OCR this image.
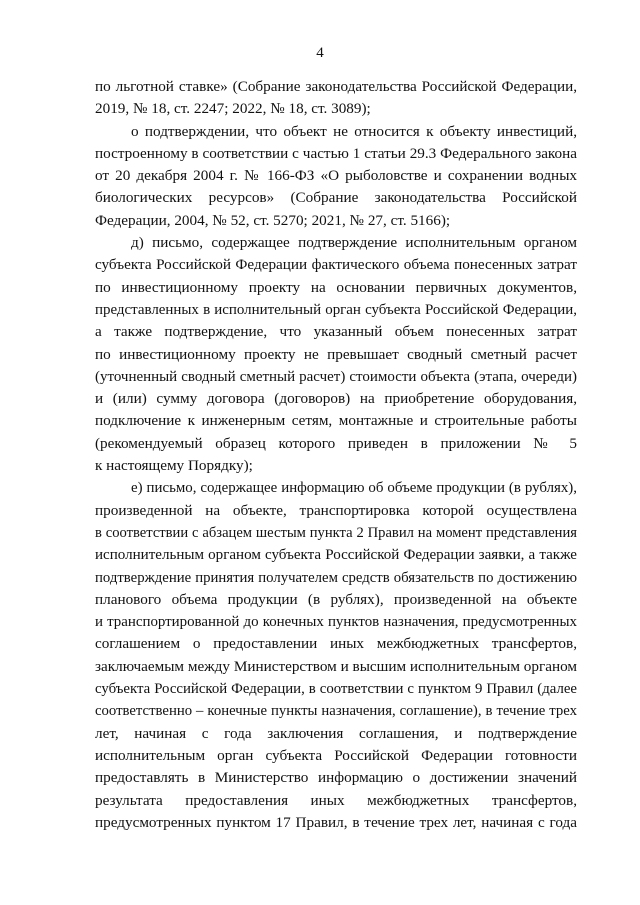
4
по льготной ставке» (Собрание законодательства Российской Федерации,
2019, № 18, ст. 2247; 2022, № 18, ст. 3089);
о подтверждении, что объект не относится к объекту инвестиций,
построенному в соответствии с частью 1 статьи 29.3 Федерального закона
от 20 декабря 2004 г. № 166-ФЗ «О рыболовстве и сохранении водных
биологических ресурсов» (Собрание законодательства Российской
Федерации, 2004, № 52, ст. 5270; 2021, № 27, ст. 5166);
д) письмо, содержащее подтверждение исполнительным органом
субъекта Российской Федерации фактического объема понесенных затрат
по инвестиционному проекту на основании первичных документов,
представленных в исполнительный орган субъекта Российской Федерации,
а также подтверждение, что указанный объем понесенных затрат
по инвестиционному проекту не превышает сводный сметный расчет
(уточненный сводный сметный расчет) стоимости объекта (этапа, очереди)
и (или) сумму договора (договоров) на приобретение оборудования,
подключение к инженерным сетям, монтажные и строительные работы
(рекомендуемый образец которого приведен в приложении № 5
к настоящему Порядку);
е) письмо, содержащее информацию об объеме продукции (в рублях),
произведенной на объекте, транспортировка которой осуществлена
в соответствии с абзацем шестым пункта 2 Правил на момент представления
исполнительным органом субъекта Российской Федерации заявки, а также
подтверждение принятия получателем средств обязательств по достижению
планового объема продукции (в рублях), произведенной на объекте
и транспортированной до конечных пунктов назначения, предусмотренных
соглашением о предоставлении иных межбюджетных трансфертов,
заключаемым между Министерством и высшим исполнительным органом
субъекта Российской Федерации, в соответствии с пунктом 9 Правил (далее
соответственно – конечные пункты назначения, соглашение), в течение трех
лет, начиная с года заключения соглашения, и подтверждение
исполнительным орган субъекта Российской Федерации готовности
предоставлять в Министерство информацию о достижении значений
результата предоставления иных межбюджетных трансфертов,
предусмотренных пунктом 17 Правил, в течение трех лет, начиная с года
